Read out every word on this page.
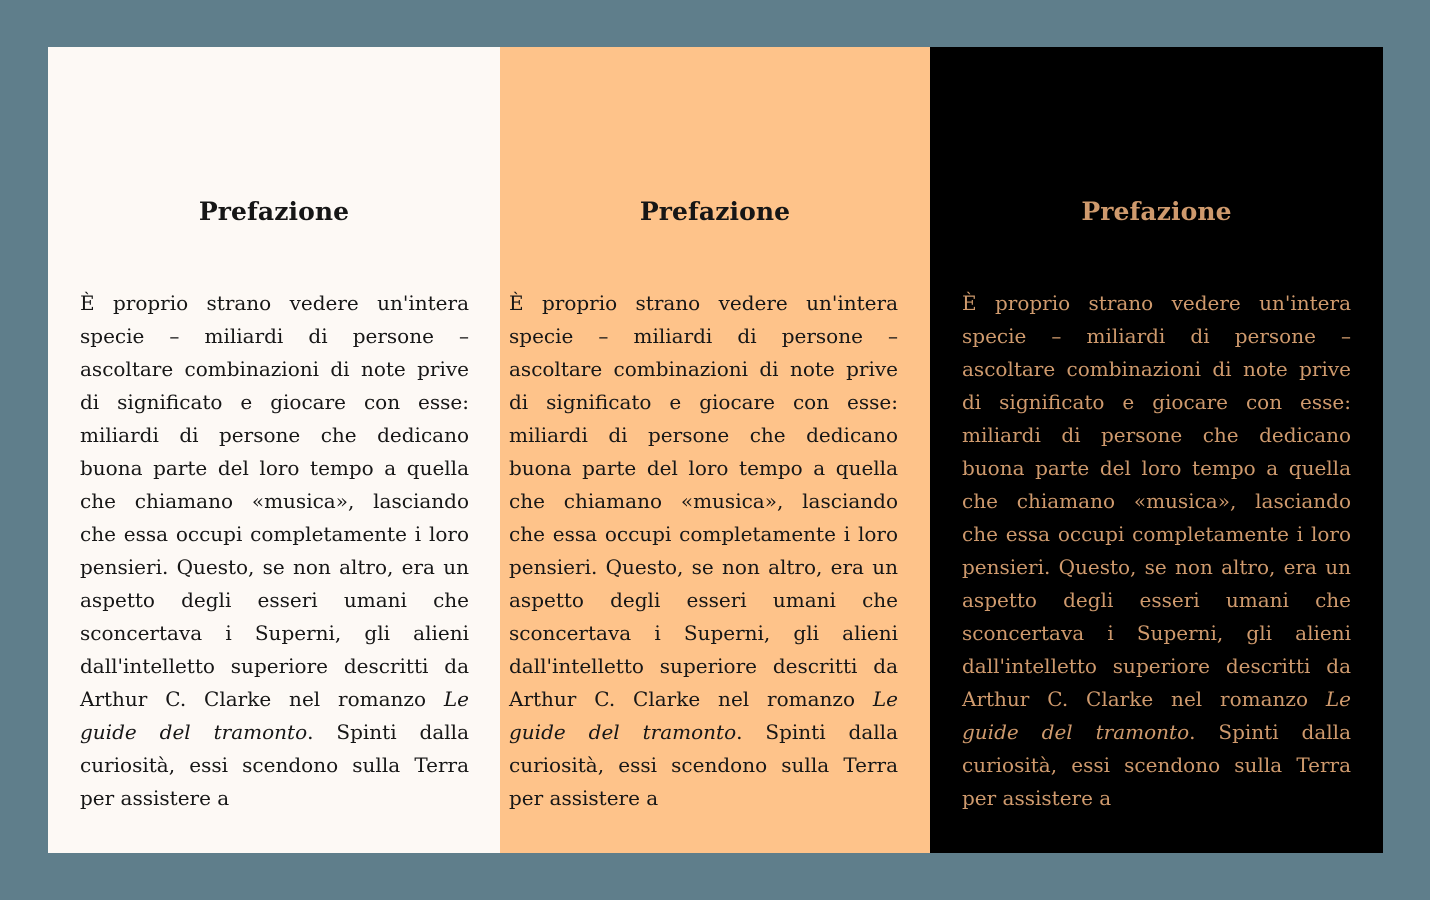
Prefazione

È proprio strano vedere un'intera specie – miliardi di persone – ascoltare combinazioni di note prive di significato e giocare con esse: miliardi di persone che dedicano buona parte del loro tempo a quella che chiamano «musica», lasciando che essa occupi completamente i loro pensieri. Questo, se non altro, era un aspetto degli esseri umani che sconcertava i Superni, gli alieni dall'intelletto superiore descritti da Arthur C. Clarke nel romanzo Le guide del tramonto. Spinti dalla curiosità, essi scendono sulla Terra per assistere a

Prefazione

È proprio strano vedere un'intera specie – miliardi di persone – ascoltare combinazioni di note prive di significato e giocare con esse: miliardi di persone che dedicano buona parte del loro tempo a quella che chiamano «musica», lasciando che essa occupi completamente i loro pensieri. Questo, se non altro, era un aspetto degli esseri umani che sconcertava i Superni, gli alieni dall'intelletto superiore descritti da Arthur C. Clarke nel romanzo Le guide del tramonto. Spinti dalla curiosità, essi scendono sulla Terra per assistere a

Prefazione

È proprio strano vedere un'intera specie – miliardi di persone – ascoltare combinazioni di note prive di significato e giocare con esse: miliardi di persone che dedicano buona parte del loro tempo a quella che chiamano «musica», lasciando che essa occupi completamente i loro pensieri. Questo, se non altro, era un aspetto degli esseri umani che sconcertava i Superni, gli alieni dall'intelletto superiore descritti da Arthur C. Clarke nel romanzo Le guide del tramonto. Spinti dalla curiosità, essi scendono sulla Terra per assistere a
